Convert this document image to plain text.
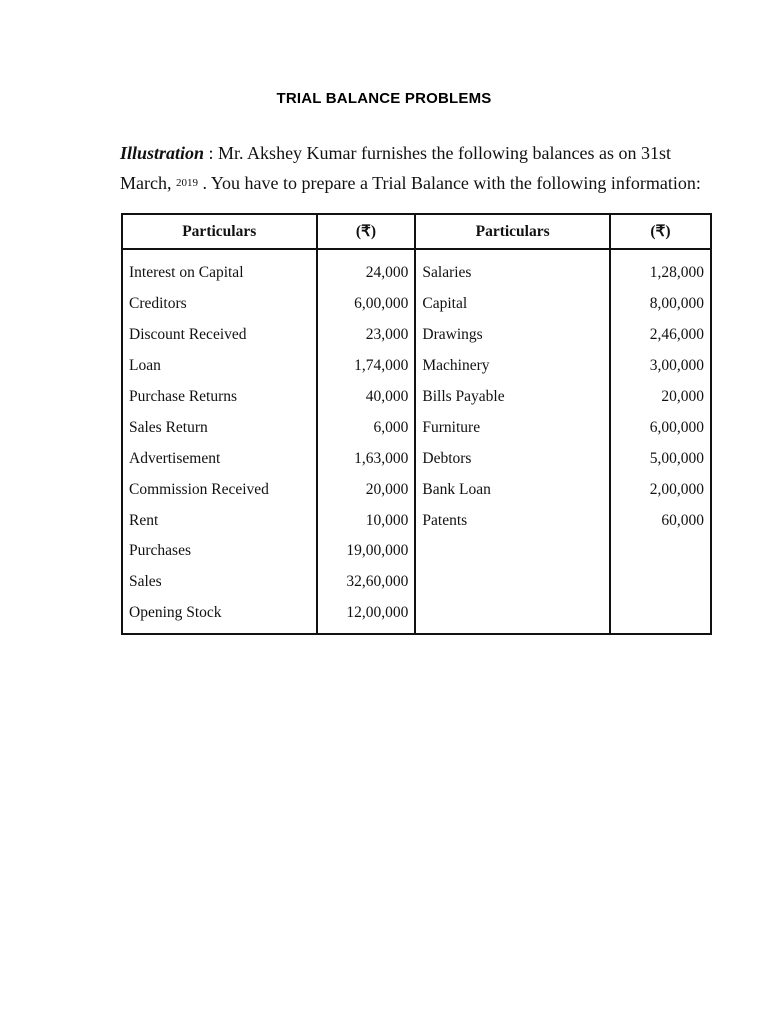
TRIAL BALANCE PROBLEMS
Illustration : Mr. Akshey Kumar furnishes the following balances as on 31st March, 2019 . You have to prepare a Trial Balance with the following information:
Particulars	(₹)	Particulars	(₹)
Interest on Capital	24,000	Salaries	1,28,000
Creditors	6,00,000	Capital	8,00,000
Discount Received	23,000	Drawings	2,46,000
Loan	1,74,000	Machinery	3,00,000
Purchase Returns	40,000	Bills Payable	20,000
Sales Return	6,000	Furniture	6,00,000
Advertisement	1,63,000	Debtors	5,00,000
Commission Received	20,000	Bank Loan	2,00,000
Rent	10,000	Patents	60,000
Purchases	19,00,000		
Sales	32,60,000		
Opening Stock	12,00,000		
